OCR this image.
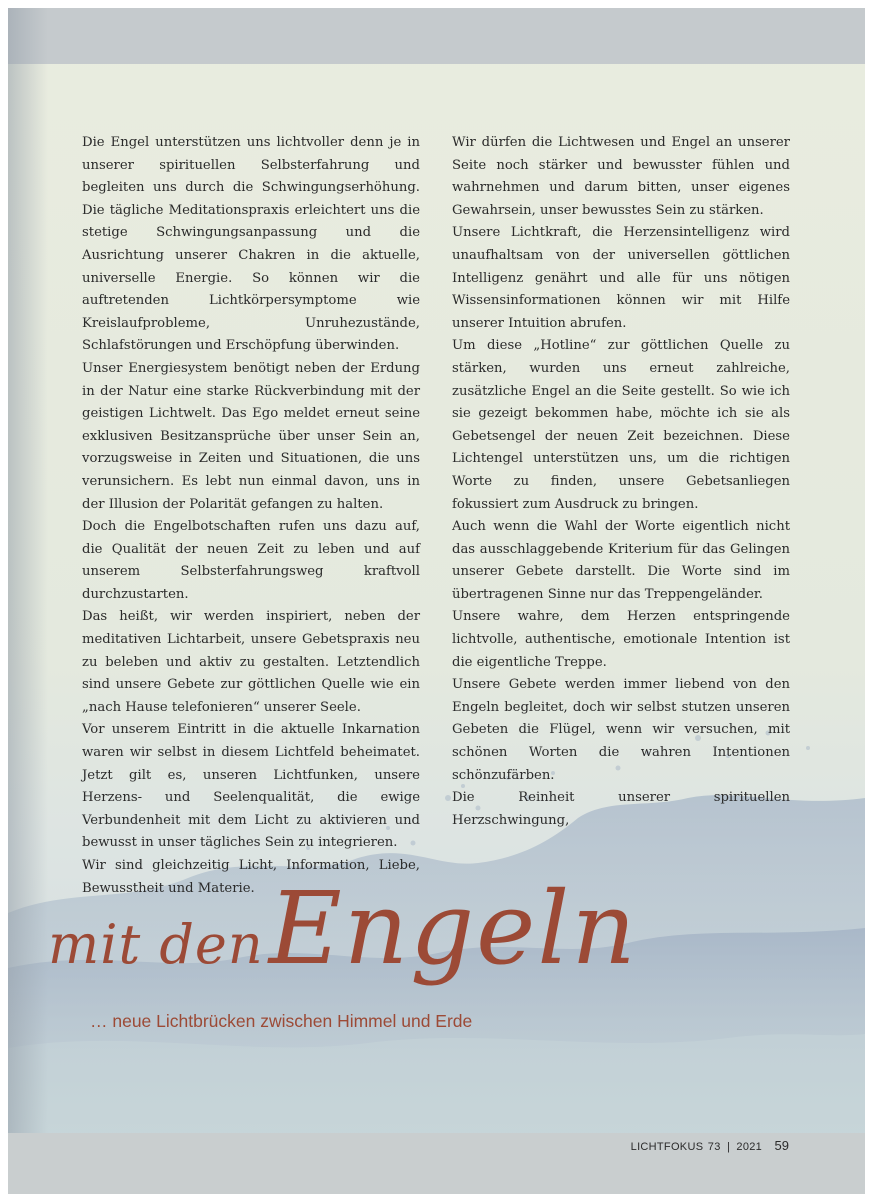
Die Engel unterstützen uns lichtvoller denn je in unserer spirituellen Selbsterfahrung und begleiten uns durch die Schwingungserhöhung. Die tägliche Meditationspraxis erleichtert uns die stetige Schwingungsanpassung und die Ausrichtung unserer Chakren in die aktuelle, universelle Energie. So können wir die auftretenden Lichtkörpersymptome wie Kreislaufprobleme, Unruhezustände, Schlafstörungen und Erschöpfung überwinden.

Unser Energiesystem benötigt neben der Erdung in der Natur eine starke Rückverbindung mit der geistigen Lichtwelt. Das Ego meldet erneut seine exklusiven Besitzansprüche über unser Sein an, vorzugsweise in Zeiten und Situationen, die uns verunsichern. Es lebt nun einmal davon, uns in der Illusion der Polarität gefangen zu halten.

Doch die Engelbotschaften rufen uns dazu auf, die Qualität der neuen Zeit zu leben und auf unserem Selbsterfahrungsweg kraftvoll durchzustarten.

Das heißt, wir werden inspiriert, neben der meditativen Lichtarbeit, unsere Gebetspraxis neu zu beleben und aktiv zu gestalten. Letztendlich sind unsere Gebete zur göttlichen Quelle wie ein „nach Hause telefonieren“ unserer Seele.

Vor unserem Eintritt in die aktuelle Inkarnation waren wir selbst in diesem Lichtfeld beheimatet. Jetzt gilt es, unseren Lichtfunken, unsere Herzens- und Seelenqualität, die ewige Verbundenheit mit dem Licht zu aktivieren und bewusst in unser tägliches Sein zu integrieren.

Wir sind gleichzeitig Licht, Information, Liebe, Bewusstheit und Materie.

Wir dürfen die Lichtwesen und Engel an unserer Seite noch stärker und bewusster fühlen und wahrnehmen und darum bitten, unser eigenes Gewahrsein, unser bewusstes Sein zu stärken.

Unsere Lichtkraft, die Herzensintelligenz wird unaufhaltsam von der universellen göttlichen Intelligenz genährt und alle für uns nötigen Wissensinformationen können wir mit Hilfe unserer Intuition abrufen.

Um diese „Hotline“ zur göttlichen Quelle zu stärken, wurden uns erneut zahlreiche, zusätzliche Engel an die Seite gestellt. So wie ich sie gezeigt bekommen habe, möchte ich sie als Gebetsengel der neuen Zeit bezeichnen. Diese Lichtengel unterstützen uns, um die richtigen Worte zu finden, unsere Gebetsanliegen fokussiert zum Ausdruck zu bringen.

Auch wenn die Wahl der Worte eigentlich nicht das ausschlaggebende Kriterium für das Gelingen unserer Gebete darstellt. Die Worte sind im übertragenen Sinne nur das Treppengeländer.

Unsere wahre, dem Herzen entspringende lichtvolle, authentische, emotionale Intention ist die eigentliche Treppe.

Unsere Gebete werden immer liebend von den Engeln begleitet, doch wir selbst stutzen unseren Gebeten die Flügel, wenn wir versuchen, mit schönen Worten die wahren Intentionen schönzufärben.

Die Reinheit unserer spirituellen Herzschwingung,

mit den Engeln
… neue Lichtbrücken zwischen Himmel und Erde
LICHTFOKUS 73 | 2021 59
